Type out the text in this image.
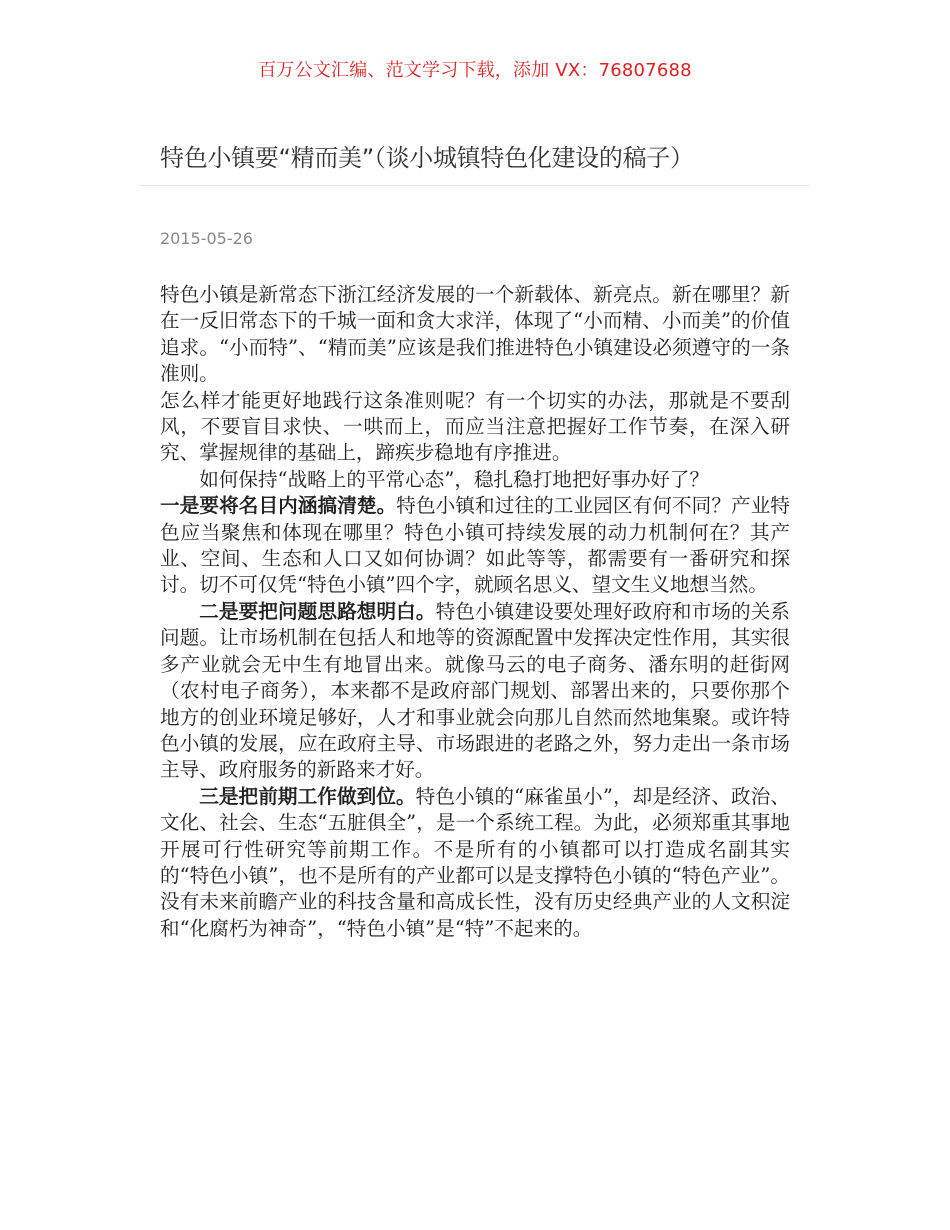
百万公文汇编、范文学习下载，添加 VX：76807688
特色小镇要“精而美”（谈小城镇特色化建设的稿子）
2015-05-26

特色小镇是新常态下浙江经济发展的一个新载体、新亮点。新在哪里？新在一反旧常态下的千城一面和贪大求洋，体现了“小而精、小而美”的价值追求。“小而特”、“精而美”应该是我们推进特色小镇建设必须遵守的一条准则。

怎么样才能更好地践行这条准则呢？有一个切实的办法，那就是不要刮风，不要盲目求快、一哄而上，而应当注意把握好工作节奏，在深入研究、掌握规律的基础上，蹄疾步稳地有序推进。

如何保持“战略上的平常心态”，稳扎稳打地把好事办好了？

一是要将名目内涵搞清楚。特色小镇和过往的工业园区有何不同？产业特色应当聚焦和体现在哪里？特色小镇可持续发展的动力机制何在？其产业、空间、生态和人口又如何协调？如此等等，都需要有一番研究和探讨。切不可仅凭“特色小镇”四个字，就顾名思义、望文生义地想当然。

二是要把问题思路想明白。特色小镇建设要处理好政府和市场的关系问题。让市场机制在包括人和地等的资源配置中发挥决定性作用，其实很多产业就会无中生有地冒出来。就像马云的电子商务、潘东明的赶街网（农村电子商务），本来都不是政府部门规划、部署出来的，只要你那个地方的创业环境足够好，人才和事业就会向那儿自然而然地集聚。或许特色小镇的发展，应在政府主导、市场跟进的老路之外，努力走出一条市场主导、政府服务的新路来才好。

三是把前期工作做到位。特色小镇的“麻雀虽小”，却是经济、政治、文化、社会、生态“五脏俱全”，是一个系统工程。为此，必须郑重其事地开展可行性研究等前期工作。不是所有的小镇都可以打造成名副其实的“特色小镇”，也不是所有的产业都可以是支撑特色小镇的“特色产业”。没有未来前瞻产业的科技含量和高成长性，没有历史经典产业的人文积淀和“化腐朽为神奇”，“特色小镇”是“特”不起来的。
